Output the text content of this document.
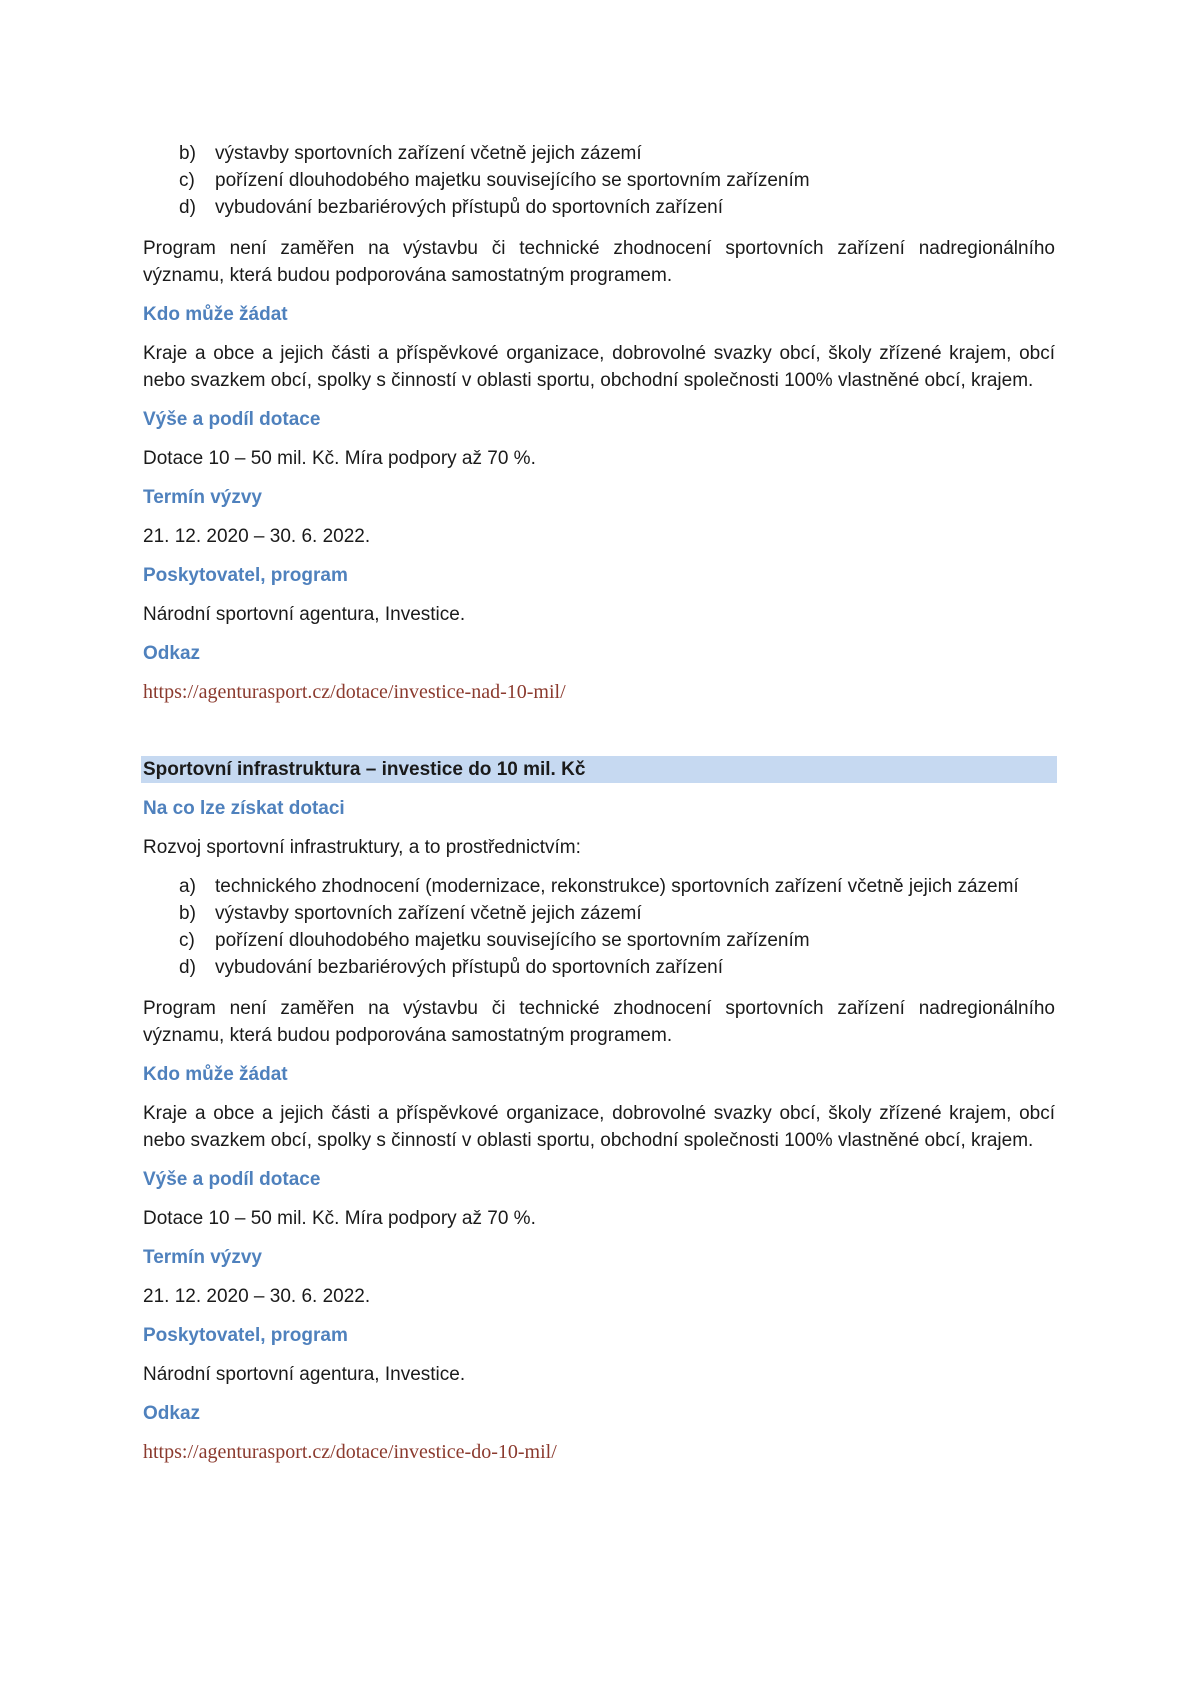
b) výstavby sportovních zařízení včetně jejich zázemí
c) pořízení dlouhodobého majetku souvisejícího se sportovním zařízením
d) vybudování bezbariérových přístupů do sportovních zařízení

Program není zaměřen na výstavbu či technické zhodnocení sportovních zařízení nadregionálního významu, která budou podporována samostatným programem.

Kdo může žádat

Kraje a obce a jejich části a příspěvkové organizace, dobrovolné svazky obcí, školy zřízené krajem, obcí nebo svazkem obcí, spolky s činností v oblasti sportu, obchodní společnosti 100% vlastněné obcí, krajem.

Výše a podíl dotace

Dotace 10 – 50 mil. Kč. Míra podpory až 70 %.

Termín výzvy

21. 12. 2020 – 30. 6. 2022.

Poskytovatel, program

Národní sportovní agentura, Investice.

Odkaz
https://agenturasport.cz/dotace/investice-nad-10-mil/
Sportovní infrastruktura – investice do 10 mil. Kč
Na co lze získat dotaci

Rozvoj sportovní infrastruktury, a to prostřednictvím:

a) technického zhodnocení (modernizace, rekonstrukce) sportovních zařízení včetně jejich zázemí
b) výstavby sportovních zařízení včetně jejich zázemí
c) pořízení dlouhodobého majetku souvisejícího se sportovním zařízením
d) vybudování bezbariérových přístupů do sportovních zařízení

Program není zaměřen na výstavbu či technické zhodnocení sportovních zařízení nadregionálního významu, která budou podporována samostatným programem.

Kdo může žádat

Kraje a obce a jejich části a příspěvkové organizace, dobrovolné svazky obcí, školy zřízené krajem, obcí nebo svazkem obcí, spolky s činností v oblasti sportu, obchodní společnosti 100% vlastněné obcí, krajem.

Výše a podíl dotace

Dotace 10 – 50 mil. Kč. Míra podpory až 70 %.

Termín výzvy

21. 12. 2020 – 30. 6. 2022.

Poskytovatel, program

Národní sportovní agentura, Investice.

Odkaz
https://agenturasport.cz/dotace/investice-do-10-mil/
